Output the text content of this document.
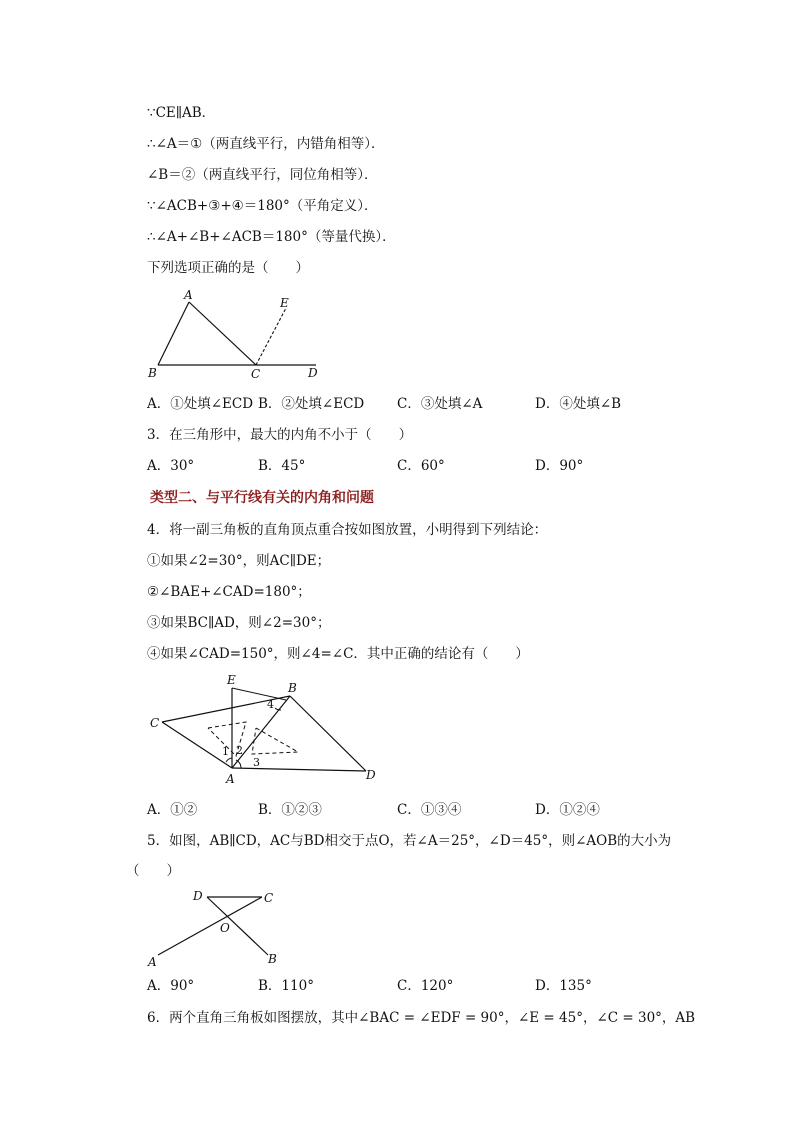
∵CE∥AB．
∴∠A＝①（两直线平行，内错角相等）．
∠B＝②（两直线平行，同位角相等）．
∵∠ACB+③+④＝180°（平角定义）．
∴∠A+∠B+∠ACB＝180°（等量代换）．
下列选项正确的是（　　）
A
B	C	D
E
A．①处填∠ECD B．②处填∠ECD C．③处填∠A	D．④处填∠B
3．在三角形中，最大的内角不小于（　　）
A．30°	B．45°	C．60°	D．90°
类型二、与平行线有关的内角和问题
4．将一副三角板的直角顶点重合按如图放置，小明得到下列结论：
①如果∠2=30°，则AC∥DE；
②∠BAE+∠CAD=180°；
③如果BC∥AD，则∠2=30°；
④如果∠CAD=150°，则∠4=∠C．其中正确的结论有（　　）
E
B
C
A	D
1 2
3
4
A．①②	B．①②③	C．①③④	D．①②④
5．如图，AB∥CD，AC与BD相交于点O，若∠A＝25°，∠D＝45°，则∠AOB的大小为
（　　）
D	C
O
A	B
A．90°	B．110°	C．120°	D．135°
6．两个直角三角板如图摆放，其中∠BAC = ∠EDF = 90°，∠E = 45°，∠C = 30°，AB
